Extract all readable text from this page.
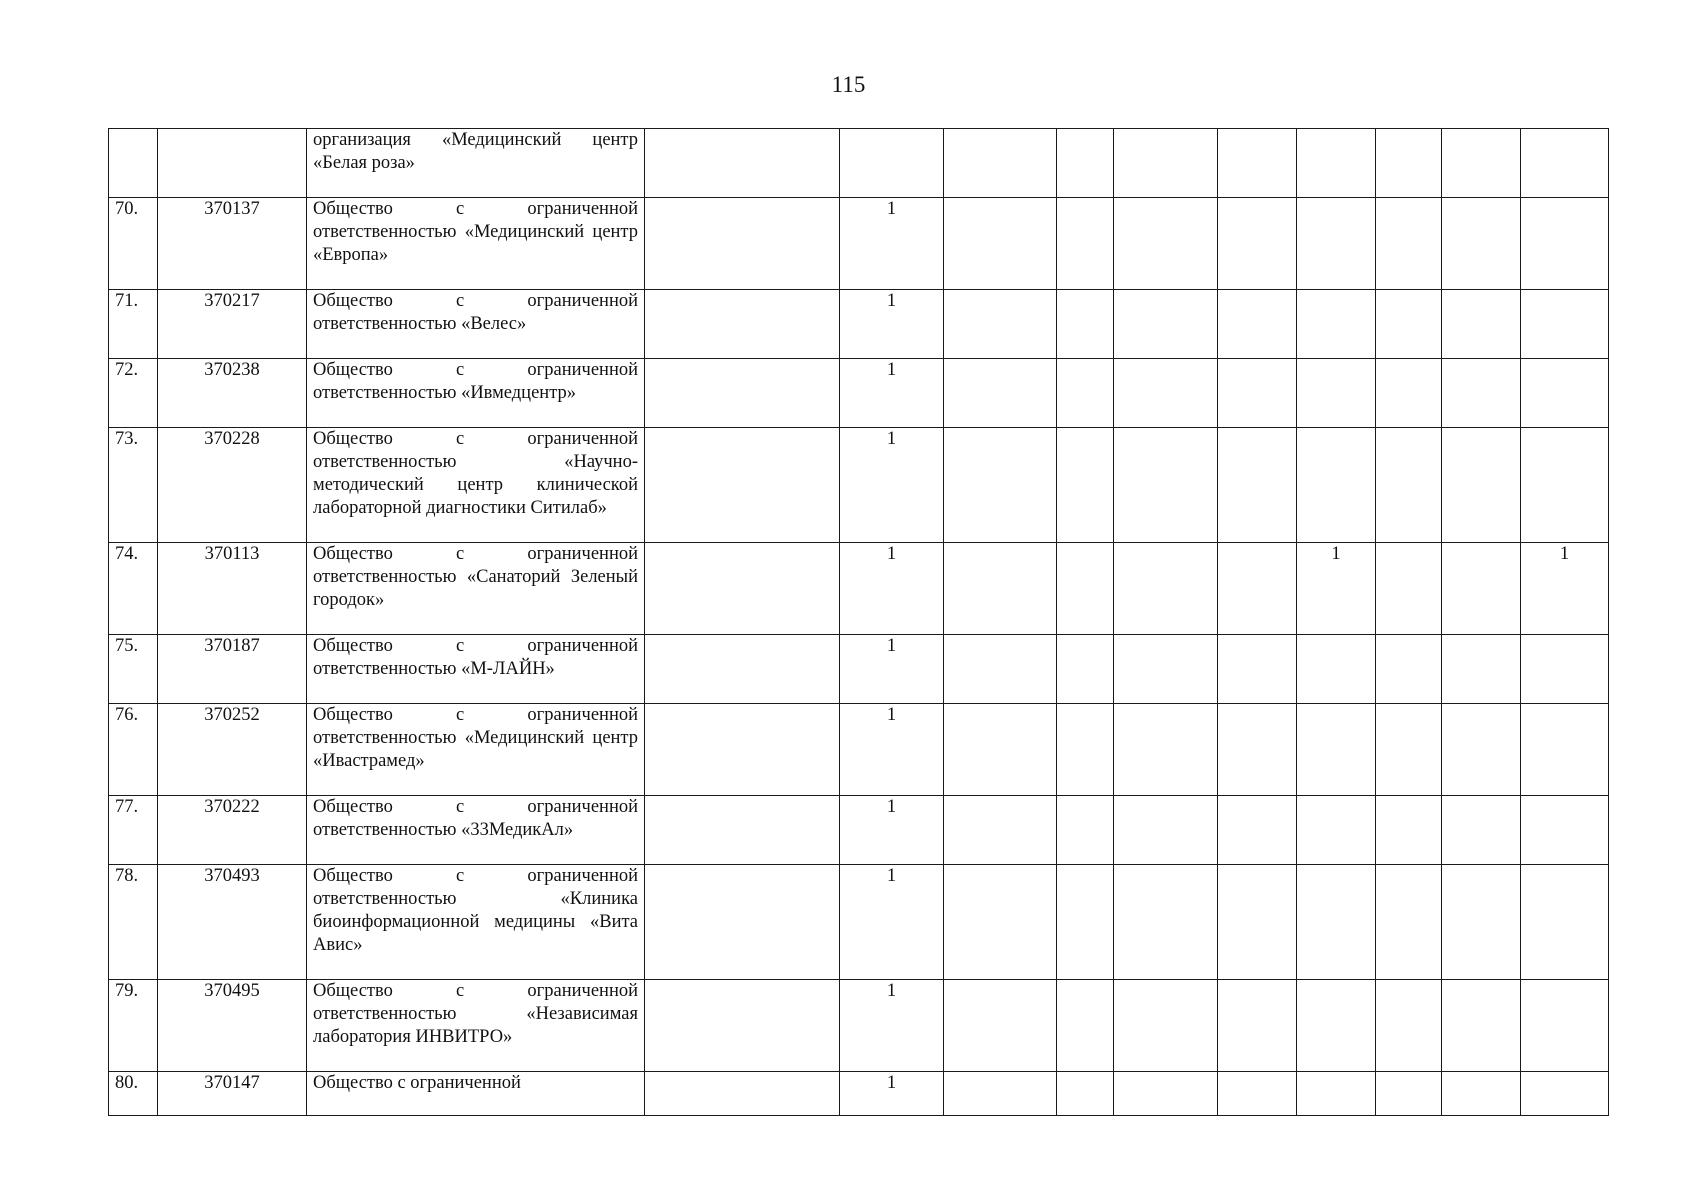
115
		организация «Медицинский центр «Белая роза»												
70.	370137	Общество с ограниченной ответственностью «Медицинский центр «Европа»		1										
71.	370217	Общество с ограниченной ответственностью «Велес»		1										
72.	370238	Общество с ограниченной ответственностью «Ивмедцентр»		1										
73.	370228	Общество с ограниченной ответственностью «Научно-методический центр клинической лабораторной диагностики Ситилаб»		1										
74.	370113	Общество с ограниченной ответственностью «Санаторий Зеленый городок»		1					1			1		
75.	370187	Общество с ограниченной ответственностью «М-ЛАЙН»		1										
76.	370252	Общество с ограниченной ответственностью «Медицинский центр «Ивастрамед»		1										
77.	370222	Общество с ограниченной ответственностью «33МедикАл»		1										
78.	370493	Общество с ограниченной ответственностью «Клиника биоинформационной медицины «Вита Авис»		1										
79.	370495	Общество с ограниченной ответственностью «Независимая лаборатория ИНВИТРО»		1										
80.	370147	Общество с ограниченной		1										
